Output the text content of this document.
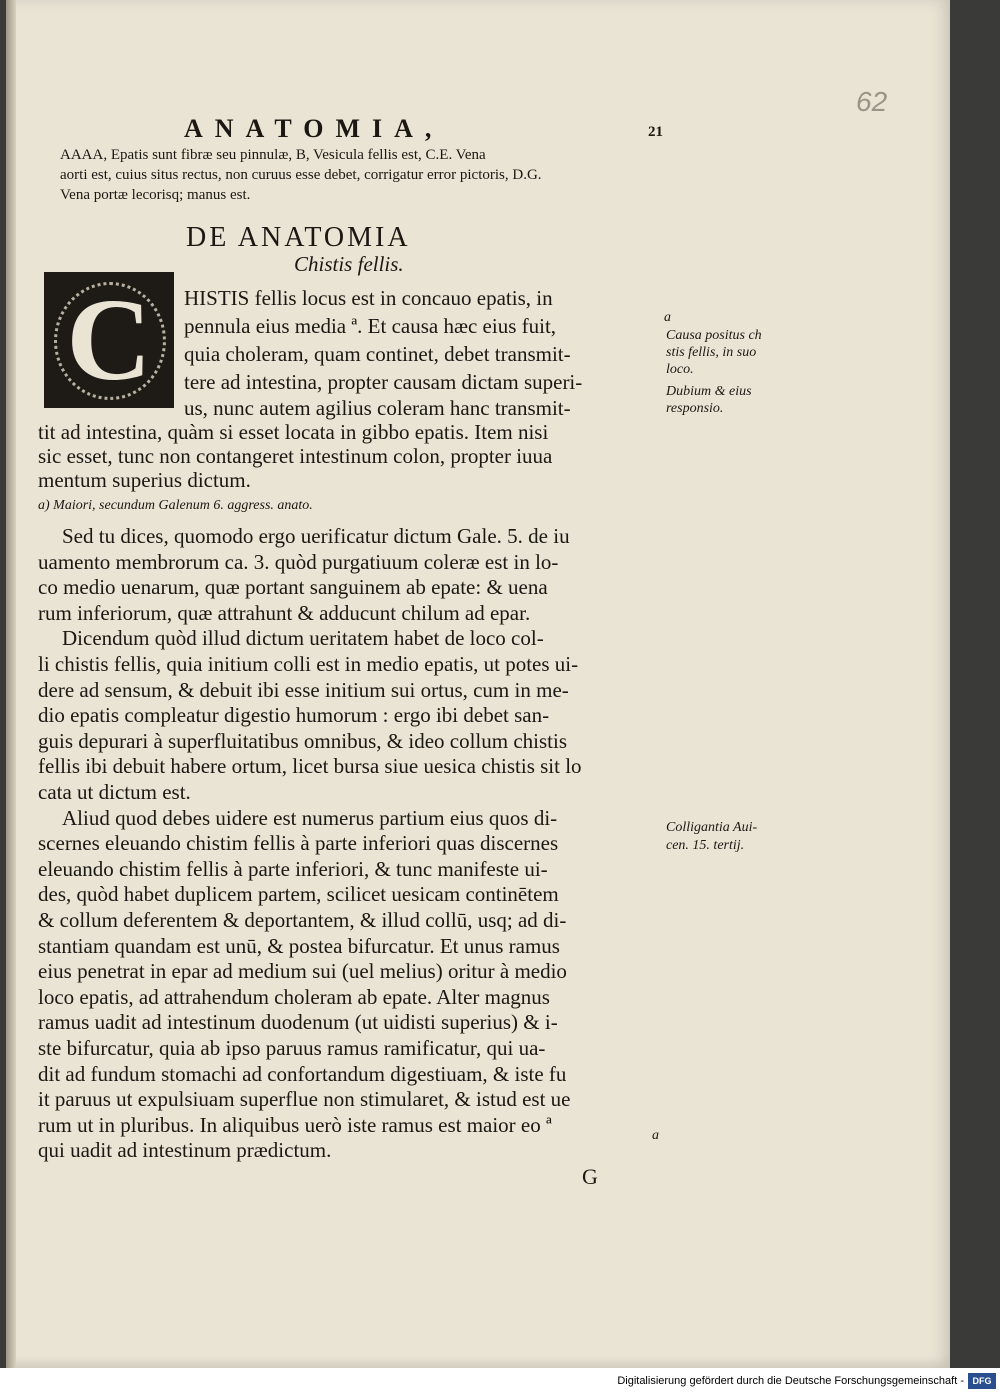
62
ANATOMIA,	21
AAAA, Epatis sunt fibræ seu pinnulæ, B, Vesicula fellis est, C.E. Vena
aorti est, cuius situs rectus, non curuus esse debet, corrigatur error pictoris, D.G.
Vena portæ lecorisq; manus est.
DE ANATOMIA
Chistis fellis.
C	HISTIS fellis locus est in concauo epatis, in
pennula eius media ª. Et causa hæc eius fuit,
quia choleram, quam continet, debet transmit-
tere ad intestina, propter causam dictam superi-
us, nunc autem agilius coleram hanc transmit-
tit ad intestina, quàm si esset locata in gibbo epatis. Item nisi
sic esset, tunc non contangeret intestinum colon, propter iuua
mentum superius dictum.
a) Maiori, secundum Galenum 6. aggress. anato.
Sed tu dices, quomodo ergo uerificatur dictum Gale. 5. de iu
uamento membrorum ca. 3. quòd purgatiuum coleræ est in lo-
co medio uenarum, quæ portant sanguinem ab epate: & uena
rum inferiorum, quæ attrahunt & adducunt chilum ad epar.
Dicendum quòd illud dictum ueritatem habet de loco col-
li chistis fellis, quia initium colli est in medio epatis, ut potes ui-
dere ad sensum, & debuit ibi esse initium sui ortus, cum in me-
dio epatis compleatur digestio humorum : ergo ibi debet san-
guis depurari à superfluitatibus omnibus, & ideo collum chistis
fellis ibi debuit habere ortum, licet bursa siue uesica chistis sit lo
cata ut dictum est.
Aliud quod debes uidere est numerus partium eius quos di-
scernes eleuando chistim fellis à parte inferiori quas discernes
eleuando chistim fellis à parte inferiori, & tunc manifeste ui-
des, quòd habet duplicem partem, scilicet uesicam continētem
& collum deferentem & deportantem, & illud collū, usq; ad di-
stantiam quandam est unū, & postea bifurcatur. Et unus ramus
eius penetrat in epar ad medium sui (uel melius) oritur à medio
loco epatis, ad attrahendum choleram ab epate. Alter magnus
ramus uadit ad intestinum duodenum (ut uidisti superius) & i-
ste bifurcatur, quia ab ipso paruus ramus ramificatur, qui ua-
dit ad fundum stomachi ad confortandum digestiuam, & iste fu
it paruus ut expulsiuam superflue non stimularet, & istud est ue
rum ut in pluribus. In aliquibus uerò iste ramus est maior eo ª
qui uadit ad intestinum prædictum.
a
Causa positus ch
stis fellis, in suo
loco.
Dubium & eius
responsio.
Colligantia Aui-
cen. 15. tertij.
a
G
Digitalisierung gefördert durch die Deutsche Forschungsgemeinschaft - DFG
